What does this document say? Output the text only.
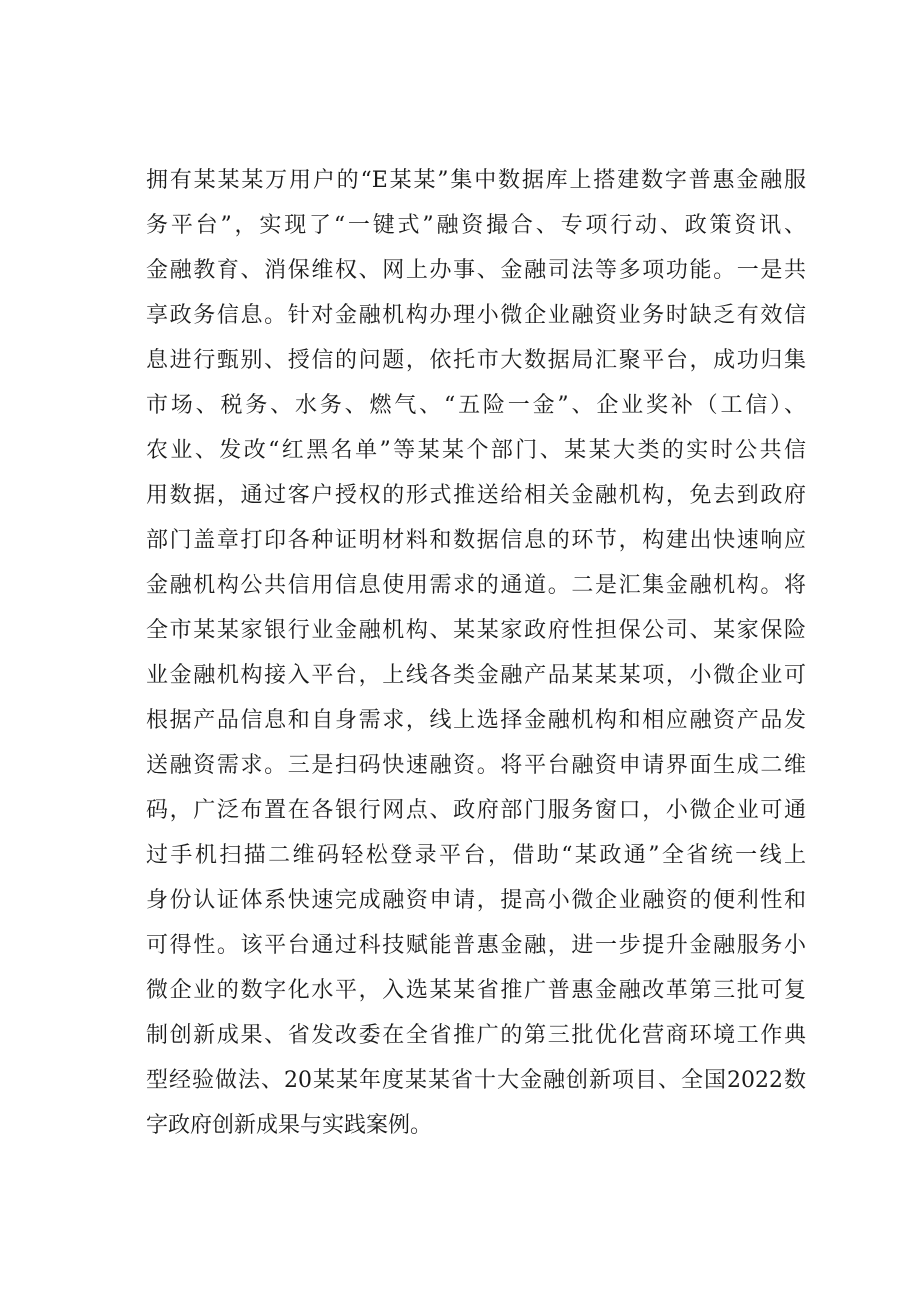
拥有某某某万用户的“E某某”集中数据库上搭建数字普惠金融服
务平台”，实现了“一键式”融资撮合、专项行动、政策资讯、
金融教育、消保维权、网上办事、金融司法等多项功能。一是共
享政务信息。针对金融机构办理小微企业融资业务时缺乏有效信
息进行甄别、授信的问题，依托市大数据局汇聚平台，成功归集
市场、税务、水务、燃气、“五险一金”、企业奖补（工信）、
农业、发改“红黑名单”等某某个部门、某某大类的实时公共信
用数据，通过客户授权的形式推送给相关金融机构，免去到政府
部门盖章打印各种证明材料和数据信息的环节，构建出快速响应
金融机构公共信用信息使用需求的通道。二是汇集金融机构。将
全市某某家银行业金融机构、某某家政府性担保公司、某家保险
业金融机构接入平台，上线各类金融产品某某某项，小微企业可
根据产品信息和自身需求，线上选择金融机构和相应融资产品发
送融资需求。三是扫码快速融资。将平台融资申请界面生成二维
码，广泛布置在各银行网点、政府部门服务窗口，小微企业可通
过手机扫描二维码轻松登录平台，借助“某政通”全省统一线上
身份认证体系快速完成融资申请，提高小微企业融资的便利性和
可得性。该平台通过科技赋能普惠金融，进一步提升金融服务小
微企业的数字化水平，入选某某省推广普惠金融改革第三批可复
制创新成果、省发改委在全省推广的第三批优化营商环境工作典
型经验做法、20某某年度某某省十大金融创新项目、全国2022数
字政府创新成果与实践案例。
